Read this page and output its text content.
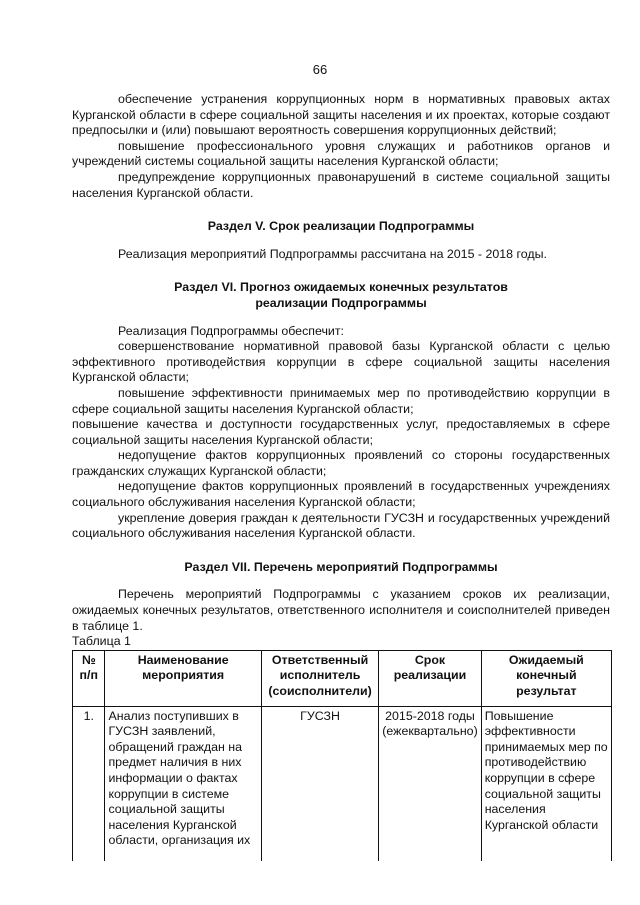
66

обеспечение устранения коррупционных норм в нормативных правовых актах Курганской области в сфере социальной защиты населения и их проектах, которые создают предпосылки и (или) повышают вероятность совершения коррупционных действий;

повышение профессионального уровня служащих и работников органов и учреждений системы социальной защиты населения Курганской области;

предупреждение коррупционных правонарушений в системе социальной защиты населения Курганской области.

Раздел V. Срок реализации Подпрограммы

Реализация мероприятий Подпрограммы рассчитана на 2015 - 2018 годы.

Раздел VI. Прогноз ожидаемых конечных результатов

реализации Подпрограммы

Реализация Подпрограммы обеспечит:

совершенствование нормативной правовой базы Курганской области с целью эффективного противодействия коррупции в сфере социальной защиты населения Курганской области;

повышение эффективности принимаемых мер по противодействию коррупции в сфере социальной защиты населения Курганской области;

повышение качества и доступности государственных услуг, предоставляемых в сфере социальной защиты населения Курганской области;

недопущение фактов коррупционных проявлений со стороны государственных гражданских служащих Курганской области;

недопущение фактов коррупционных проявлений в государственных учреждениях социального обслуживания населения Курганской области;

укрепление доверия граждан к деятельности ГУСЗН и государственных учреждений социального обслуживания населения Курганской области.

Раздел VII. Перечень мероприятий Подпрограммы

Перечень мероприятий Подпрограммы с указанием сроков их реализации, ожидаемых конечных результатов, ответственного исполнителя и соисполнителей приведен в таблице 1.

Таблица 1

№ п/п	Наименование мероприятия	Ответственный исполнитель (соисполнители)	Срок реализации	Ожидаемый конечный результат
1.	Анализ поступивших в ГУСЗН заявлений, обращений граждан на предмет наличия в них информации о фактах коррупции в системе социальной защиты населения Курганской области, организация их	ГУСЗН	2015-2018 годы (ежеквартально)	Повышение эффективности принимаемых мер по противодействию коррупции в сфере социальной защиты населения Курганской области
